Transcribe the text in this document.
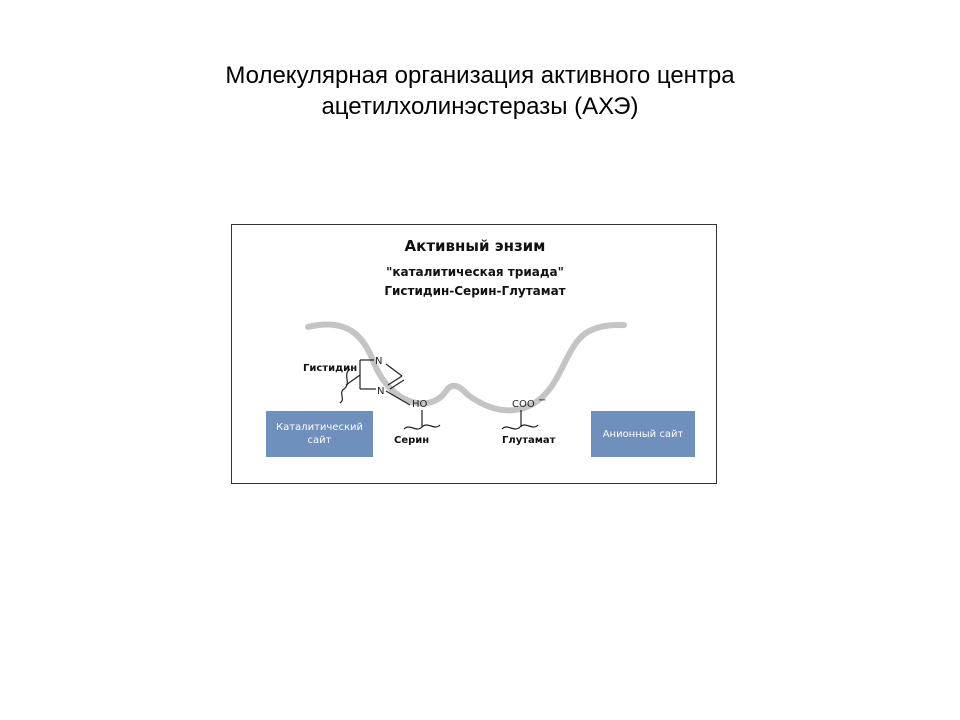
Молекулярная организация активного центра
ацетилхолинэстеразы (АХЭ)
Активный энзим
"каталитическая триада"
Гистидин-Серин-Глутамат
N
N
Гистидин
HO
Серин
COO −
Глутамат
Каталитический
сайт
Анионный сайт
